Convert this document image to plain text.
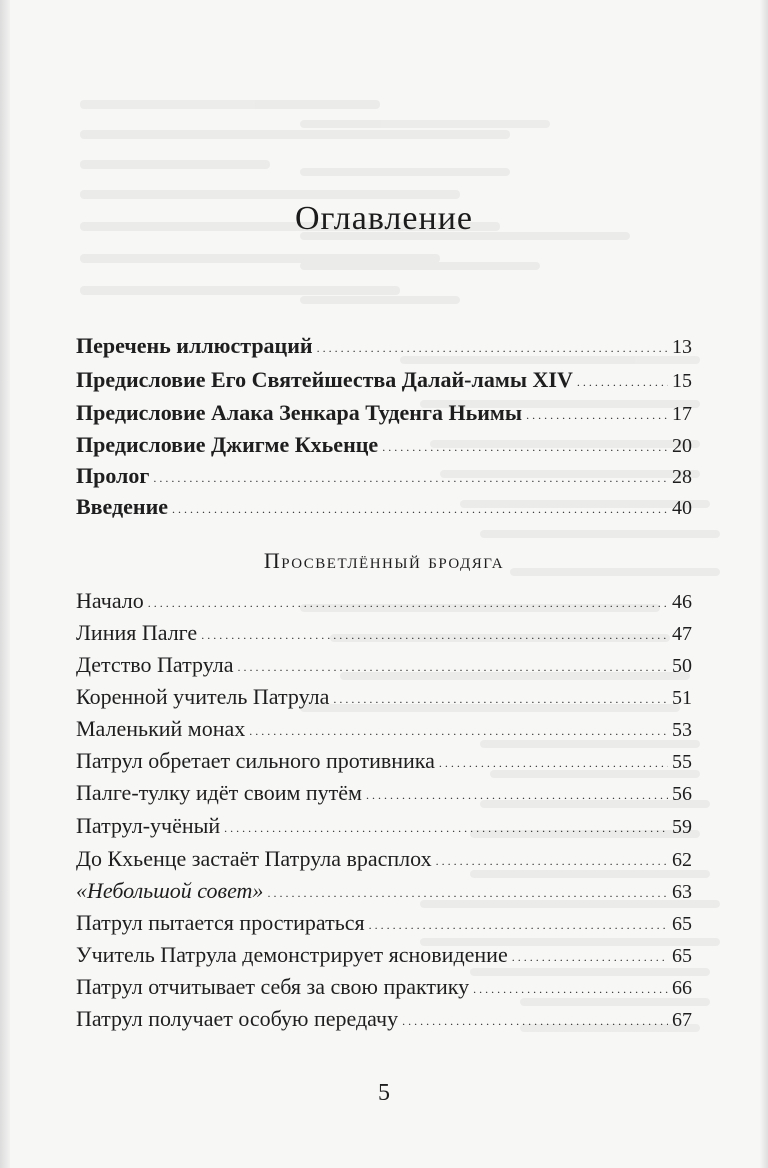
Оглавление
Перечень иллюстраций . . .	13
Предисловие Его Святейшества Далай-ламы XIV . . .	15
Предисловие Алака Зенкара Туденга Ньимы . . .	17
Предисловие Джигме Кхьенце . . .	20
Пролог . . .	28
Введение . . .	40
Просветлённый бродяга
Начало . . .	46
Линия Палге . . .	47
Детство Патрула . . .	50
Коренной учитель Патрула . . .	51
Маленький монах . . .	53
Патрул обретает сильного противника . . .	55
Палге-тулку идёт своим путём . . .	56
Патрул-учёный . . .	59
До Кхьенце застаёт Патрула врасплох . . .	62
«Небольшой совет» . . .	63
Патрул пытается простираться . . .	65
Учитель Патрула демонстрирует ясновидение . . .	65
Патрул отчитывает себя за свою практику . . .	66
Патрул получает особую передачу . . .	67
5
